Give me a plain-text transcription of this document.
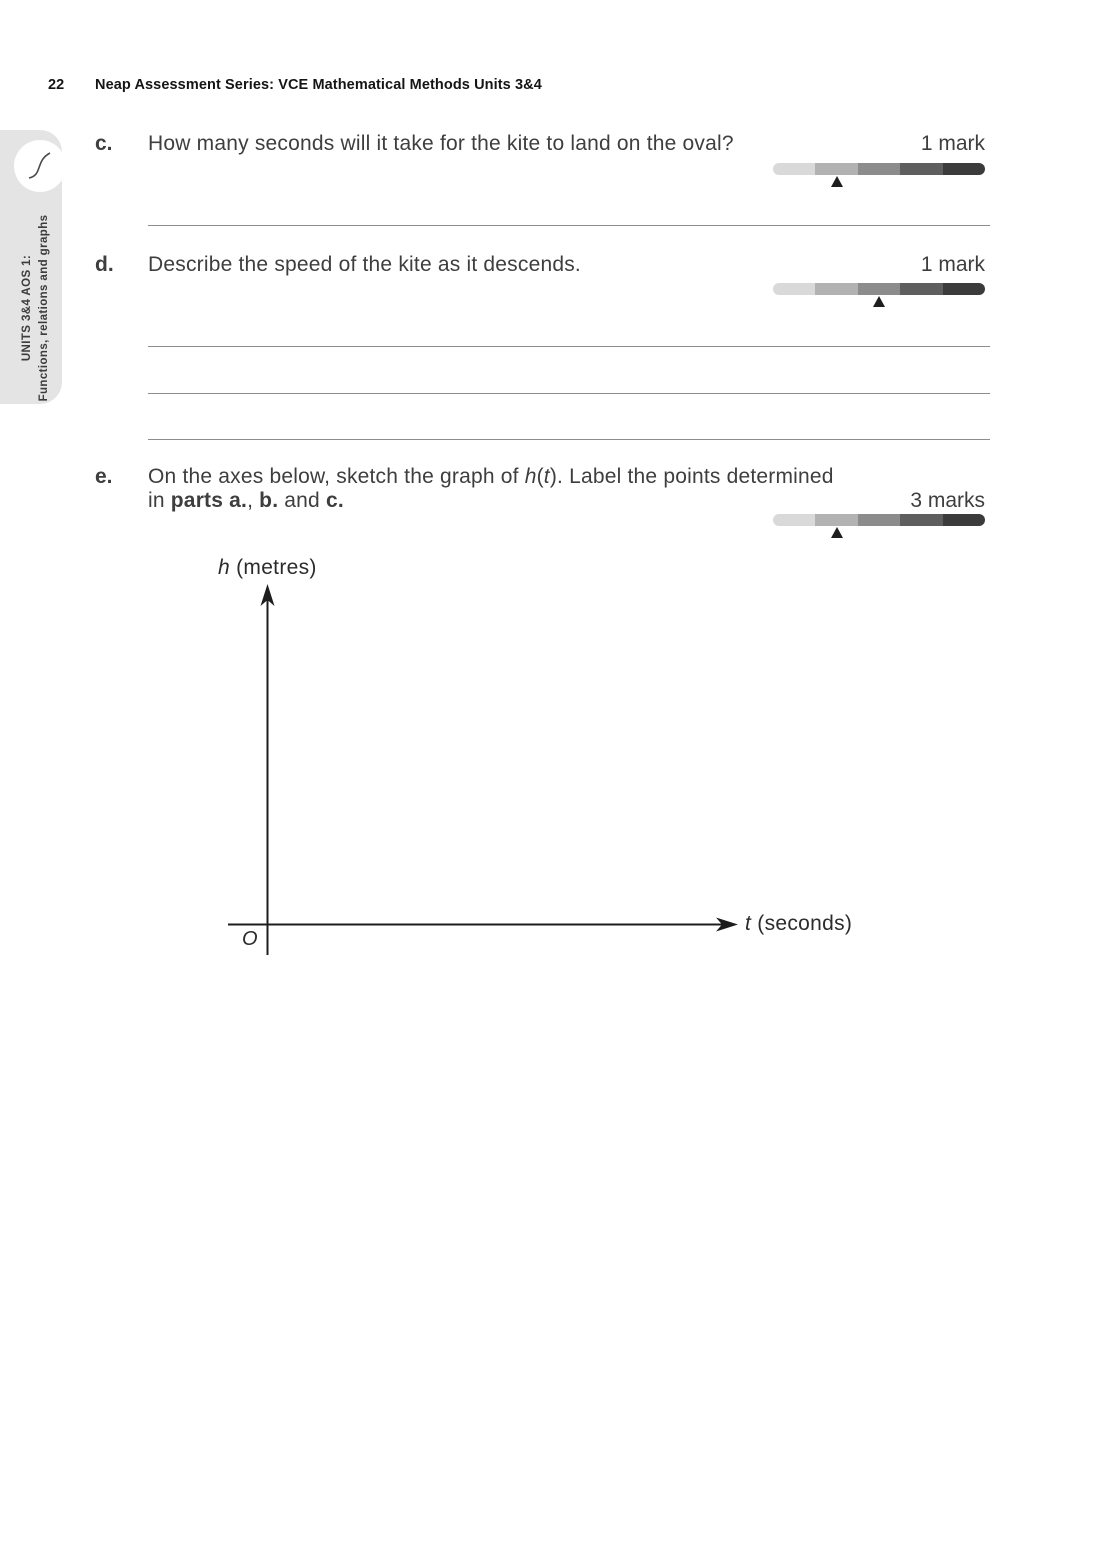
22 Neap Assessment Series: VCE Mathematical Methods Units 3&4
UNITS 3&4 AOS 1: Functions, relations and graphs
c. How many seconds will it take for the kite to land on the oval?	1 mark
d. Describe the speed of the kite as it descends.	1 mark
e. On the axes below, sketch the graph of h(t). Label the points determined
in parts a., b. and c.	3 marks
h (metres)
O
t (seconds)
